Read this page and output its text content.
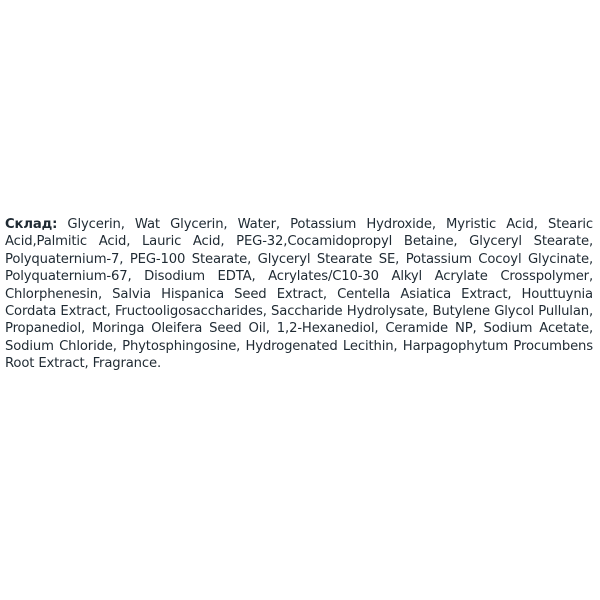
Склад: Glycerin, Wat Glycerin, Water, Potassium Hydroxide, Myristic Acid, Stearic Acid,Palmitic Acid, Lauric Acid, PEG-32,Cocamidopropyl Betaine, Glyceryl Stearate, Polyquaternium-7, PEG-100 Stearate, Glyceryl Stearate SE, Potassium Cocoyl Glycinate, Polyquaternium-67, Disodium EDTA, Acrylates/C10-30 Alkyl Acrylate Crosspolymer, Chlorphenesin, Salvia Hispanica Seed Extract, Centella Asiatica Extract, Houttuynia Cordata Extract, Fructooligosaccharides, Saccharide Hydrolysate, Butylene Glycol Pullulan, Propanediol, Moringa Oleifera Seed Oil, 1,2-Hexanediol, Ceramide NP, Sodium Acetate, Sodium Chloride, Phytosphingosine, Hydrogenated Lecithin, Harpagophytum Procumbens Root Extract, Fragrance.
